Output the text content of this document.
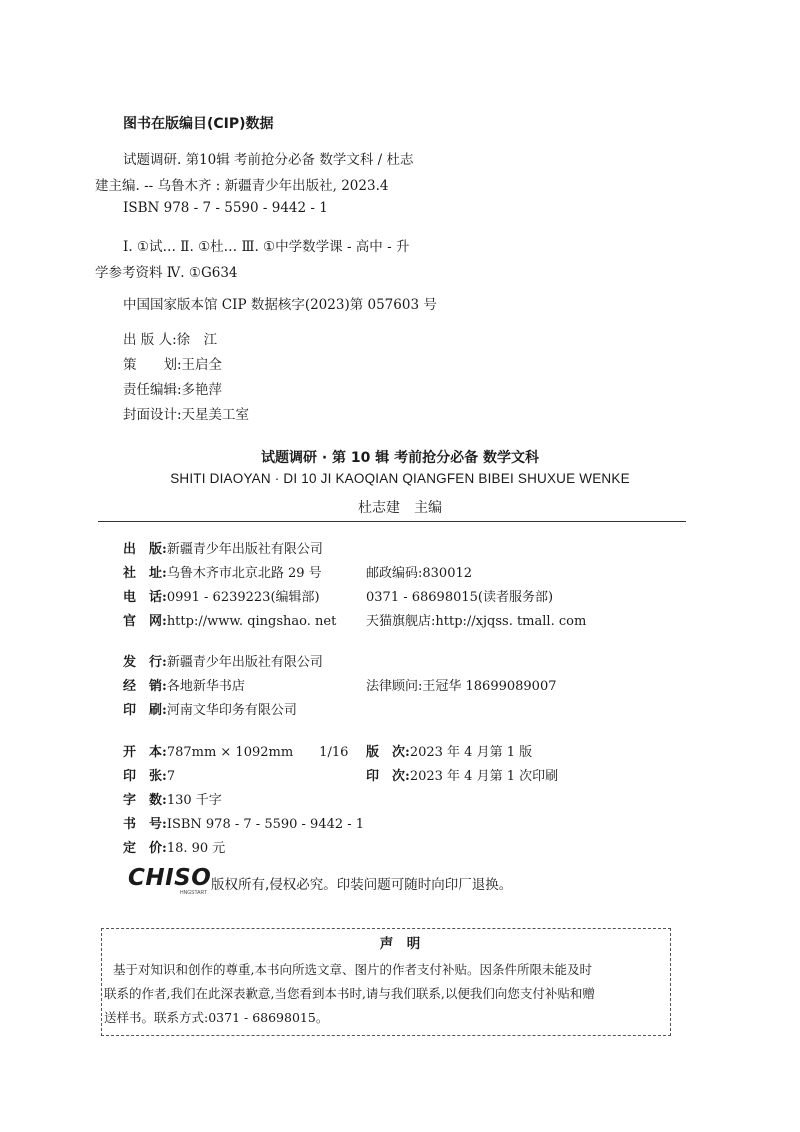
图书在版编目(CIP)数据
试题调研. 第10辑 考前抢分必备 数学文科 / 杜志
建主编. -- 乌鲁木齐 : 新疆青少年出版社, 2023.4
ISBN 978 - 7 - 5590 - 9442 - 1
Ⅰ. ①试… Ⅱ. ①杜… Ⅲ. ①中学数学课 - 高中 - 升
学参考资料 Ⅳ. ①G634
中国国家版本馆 CIP 数据核字(2023)第 057603 号
出 版 人:徐　江
策　　划:王启全
责任编辑:多艳萍
封面设计:天星美工室
试题调研 · 第 10 辑 考前抢分必备 数学文科
SHITI DIAOYAN · DI 10 JI KAOQIAN QIANGFEN BIBEI SHUXUE WENKE
杜志建　主编
出　版:新疆青少年出版社有限公司
社　址:乌鲁木齐市北京北路 29 号	邮政编码:830012
电　话:0991 - 6239223(编辑部)	0371 - 68698015(读者服务部)
官　网:http://www. qingshao. net 天猫旗舰店:http://xjqss. tmall. com
发　行:新疆青少年出版社有限公司
经　销:各地新华书店	法律顾问:王冠华 18699089007
印　刷:河南文华印务有限公司
开　本:787mm × 1092mm　　1/16 版　次:2023 年 4 月第 1 版
印　张:7	印　次:2023 年 4 月第 1 次印刷
字　数:130 千字
书　号:ISBN 978 - 7 - 5590 - 9442 - 1
定　价:18. 90 元
CHISO
HNGSTART 版权所有,侵权必究。印装问题可随时向印厂退换。
声　明
基于对知识和创作的尊重,本书向所选文章、图片的作者支付补贴。因条件所限未能及时
联系的作者,我们在此深表歉意,当您看到本书时,请与我们联系,以便我们向您支付补贴和赠
送样书。联系方式:0371 - 68698015。
